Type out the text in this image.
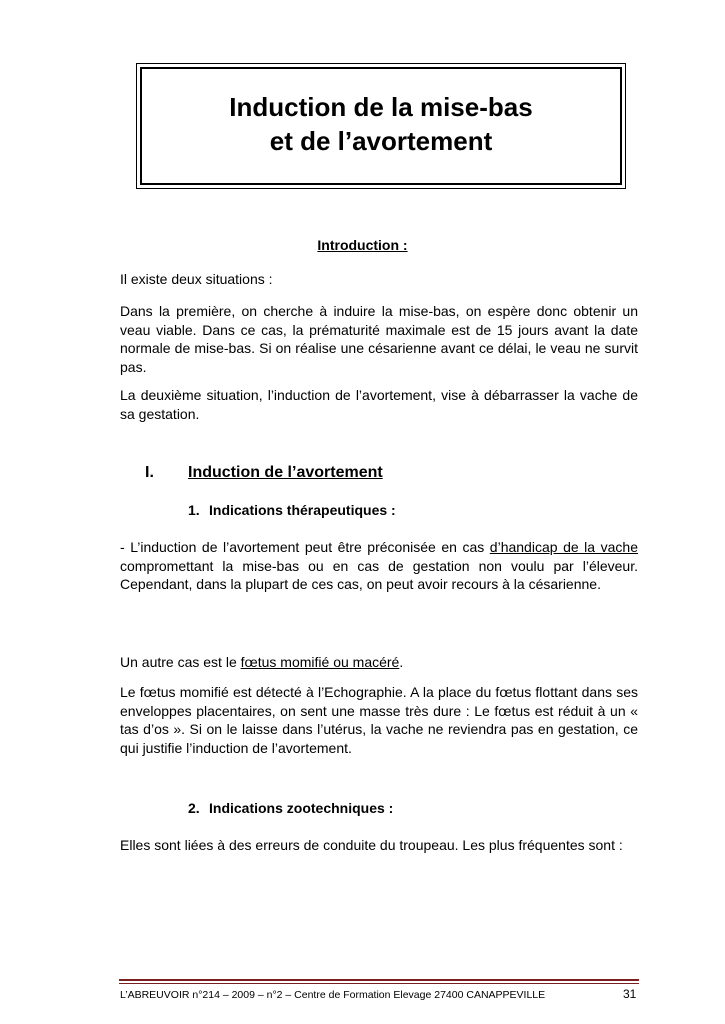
Induction de la mise-bas
et de l’avortement
Introduction :

Il existe deux situations :

Dans la première, on cherche à induire la mise-bas, on espère donc obtenir un veau viable. Dans ce cas, la prématurité maximale est de 15 jours avant la date normale de mise-bas. Si on réalise une césarienne avant ce délai, le veau ne survit pas.

La deuxième situation, l’induction de l’avortement, vise à débarrasser la vache de sa gestation.

I. Induction de l’avortement
1. Indications thérapeutiques :

- L’induction de l’avortement peut être préconisée en cas d’handicap de la vache compromettant la mise-bas ou en cas de gestation non voulu par l’éleveur. Cependant, dans la plupart de ces cas, on peut avoir recours à la césarienne.

Un autre cas est le fœtus momifié ou macéré.

Le fœtus momifié est détecté à l’Echographie. A la place du fœtus flottant dans ses enveloppes placentaires, on sent une masse très dure : Le fœtus est réduit à un « tas d’os ». Si on le laisse dans l’utérus, la vache ne reviendra pas en gestation, ce qui justifie l’induction de l’avortement.

2. Indications zootechniques :

Elles sont liées à des erreurs de conduite du troupeau. Les plus fréquentes sont :

L’ABREUVOIR n°214 – 2009 – n°2 – Centre de Formation Elevage 27400 CANAPPEVILLE	31
